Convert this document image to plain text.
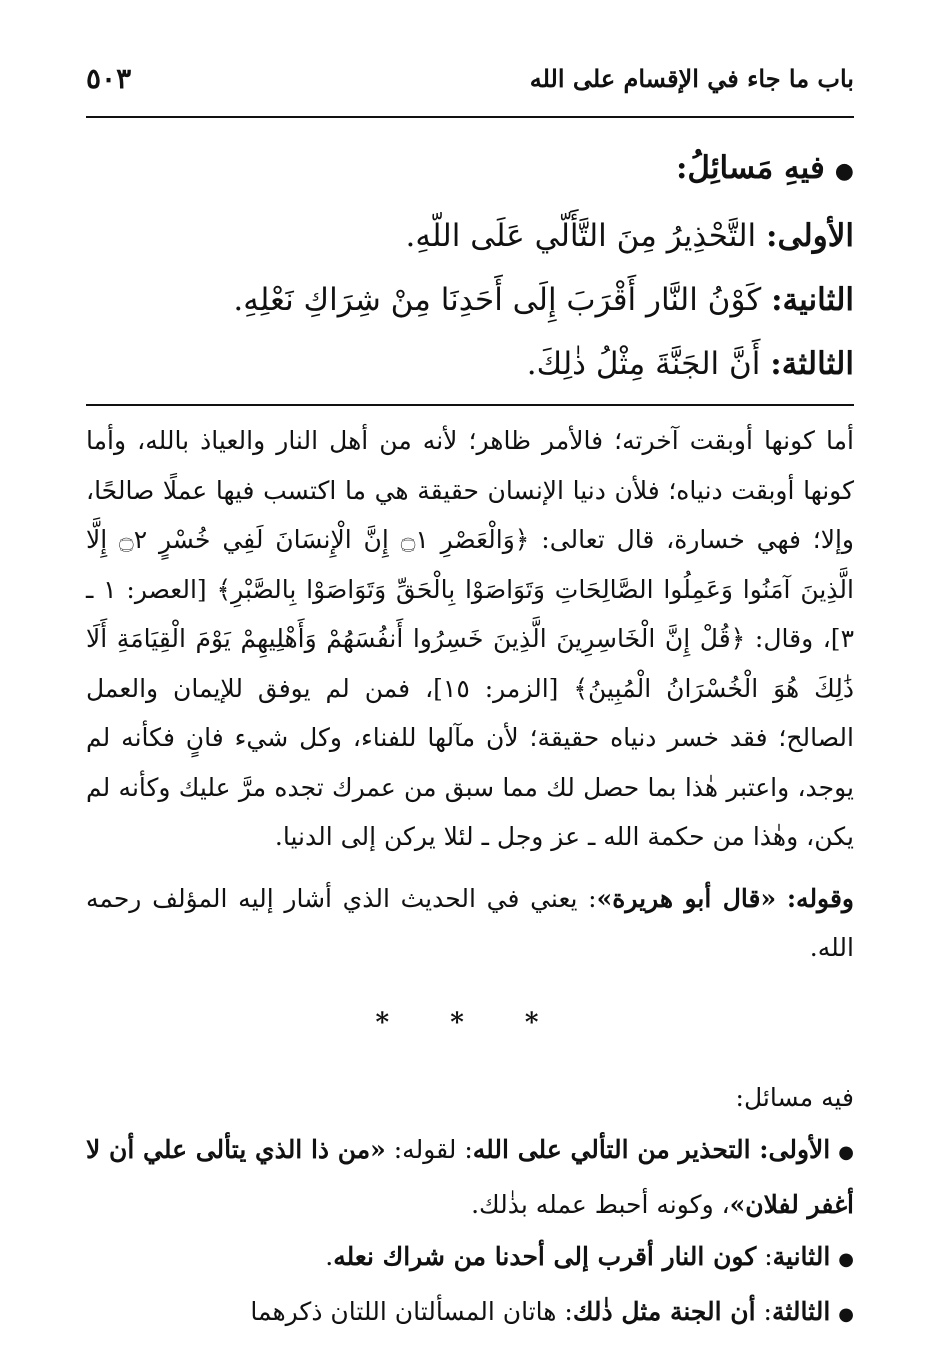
باب ما جاء في الإقسام على الله
٥٠٣
●فيهِ مَسائِلُ:
الأولى: التَّحْذِيرُ مِنَ التَّأَلّي عَلَى اللّهِ.
الثانية: كَوْنُ النَّار أَقْرَبَ إِلَى أَحَدِنَا مِنْ شِرَاكِ نَعْلِهِ.
الثالثة: أَنَّ الجَنَّةَ مِثْلُ ذٰلِكَ.

أما كونها أوبقت آخرته؛ فالأمر ظاهر؛ لأنه من أهل النار والعياذ بالله، وأما كونها أوبقت دنياه؛ فلأن دنيا الإنسان حقيقة هي ما اكتسب فيها عملًا صالحًا، وإلا؛ فهي خسارة، قال تعالى: ﴿وَالْعَصْرِ ۝١ إِنَّ الْإِنسَانَ لَفِي خُسْرٍ ۝٢ إِلَّا الَّذِينَ آمَنُوا وَعَمِلُوا الصَّالِحَاتِ وَتَوَاصَوْا بِالْحَقِّ وَتَوَاصَوْا بِالصَّبْرِ﴾ [العصر: ١ ـ ٣]، وقال: ﴿قُلْ إِنَّ الْخَاسِرِينَ الَّذِينَ خَسِرُوا أَنفُسَهُمْ وَأَهْلِيهِمْ يَوْمَ الْقِيَامَةِ أَلَا ذَٰلِكَ هُوَ الْخُسْرَانُ الْمُبِينُ﴾ [الزمر: ١٥]، فمن لم يوفق للإيمان والعمل الصالح؛ فقد خسر دنياه حقيقة؛ لأن مآلها للفناء، وكل شيء فانٍ فكأنه لم يوجد، واعتبر هٰذا بما حصل لك مما سبق من عمرك تجده مرَّ عليك وكأنه لم يكن، وهٰذا من حكمة الله ـ عز وجل ـ لئلا يركن إلى الدنيا.

وقوله: «قال أبو هريرة»: يعني في الحديث الذي أشار إليه المؤلف رحمه الله.

* * *

فيه مسائل:

●الأولى: التحذير من التألي على الله: لقوله: «من ذا الذي يتألى علي أن لا أغفر لفلان»، وكونه أحبط عمله بذٰلك.

●الثانية: كون النار أقرب إلى أحدنا من شراك نعله.

●الثالثة: أن الجنة مثل ذٰلك: هاتان المسألتان اللتان ذكرهما
